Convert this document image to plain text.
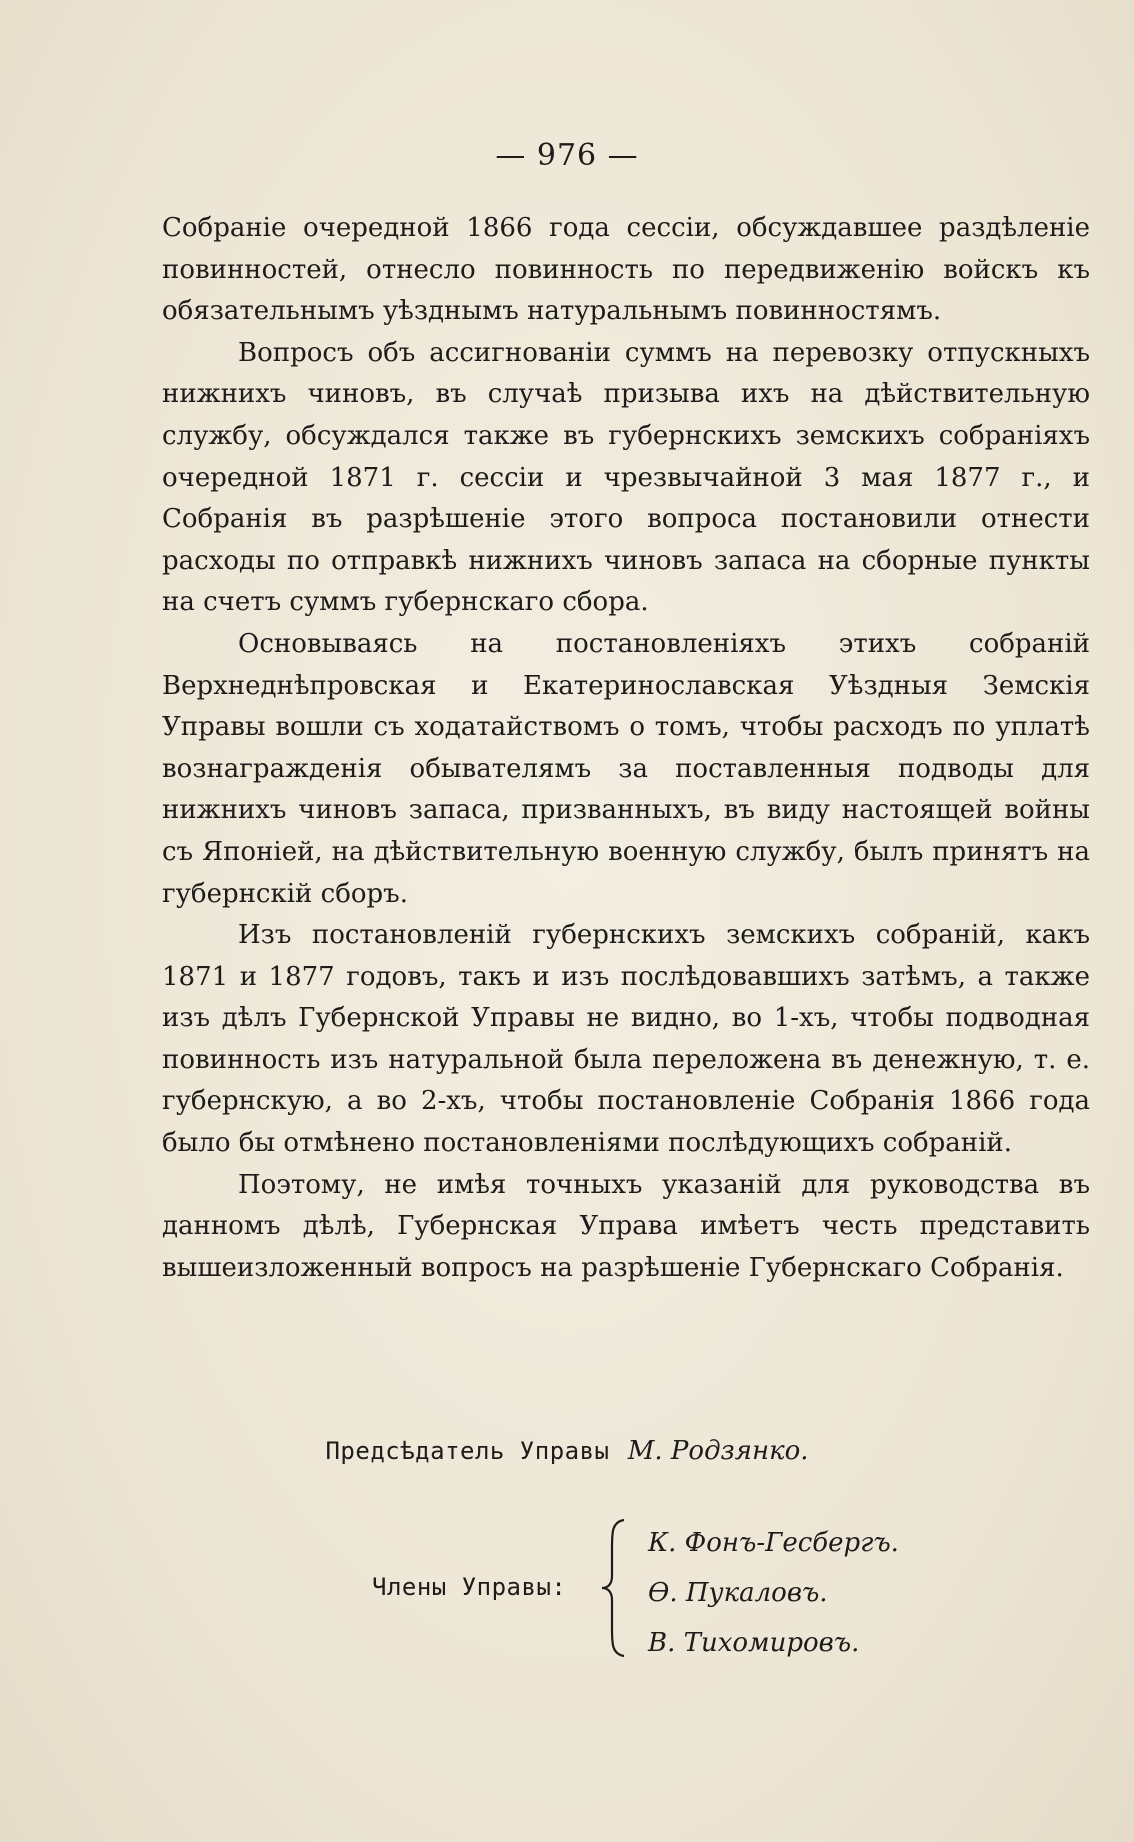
— 976 —

Собраніе очередной 1866 года сессіи, обсуждавшее раздѣленіе повинностей, отнесло повинность по передвиженію войскъ къ обязательнымъ уѣзднымъ натуральнымъ повинностямъ.

Вопросъ объ ассигнованіи суммъ на перевозку отпускныхъ нижнихъ чиновъ, въ случаѣ призыва ихъ на дѣйствительную службу, обсуждался также въ губернскихъ земскихъ собраніяхъ очередной 1871 г. сессіи и чрезвычайной 3 мая 1877 г., и Собранія въ разрѣшеніе этого вопроса постановили отнести расходы по отправкѣ нижнихъ чиновъ запаса на сборные пункты на счетъ суммъ губернскаго сбора.

Основываясь на постановленіяхъ этихъ собраній Верхнеднѣпровская и Екатеринославская Уѣздныя Земскія Управы вошли съ ходатайствомъ о томъ, чтобы расходъ по уплатѣ вознагражденія обывателямъ за поставленныя подводы для нижнихъ чиновъ запаса, призванныхъ, въ виду настоящей войны съ Японіей, на дѣйствительную военную службу, былъ принятъ на губернскій сборъ.

Изъ постановленій губернскихъ земскихъ собраній, какъ 1871 и 1877 годовъ, такъ и изъ послѣдовавшихъ затѣмъ, а также изъ дѣлъ Губернской Управы не видно, во 1-хъ, чтобы подводная повинность изъ натуральной была переложена въ денежную, т. е. губернскую, а во 2-хъ, чтобы постановленіе Собранія 1866 года было бы отмѣнено постановленіями послѣдующихъ собраній.

Поэтому, не имѣя точныхъ указаній для руководства въ данномъ дѣлѣ, Губернская Управа имѣетъ честь представить вышеизложенный вопросъ на разрѣшеніе Губернскаго Собранія.

Предсѣдатель Управы М. Родзянко.
Члены Управы:
К. Фонъ-Гесбергъ.
Ѳ. Пукаловъ.
В. Тихомировъ.
